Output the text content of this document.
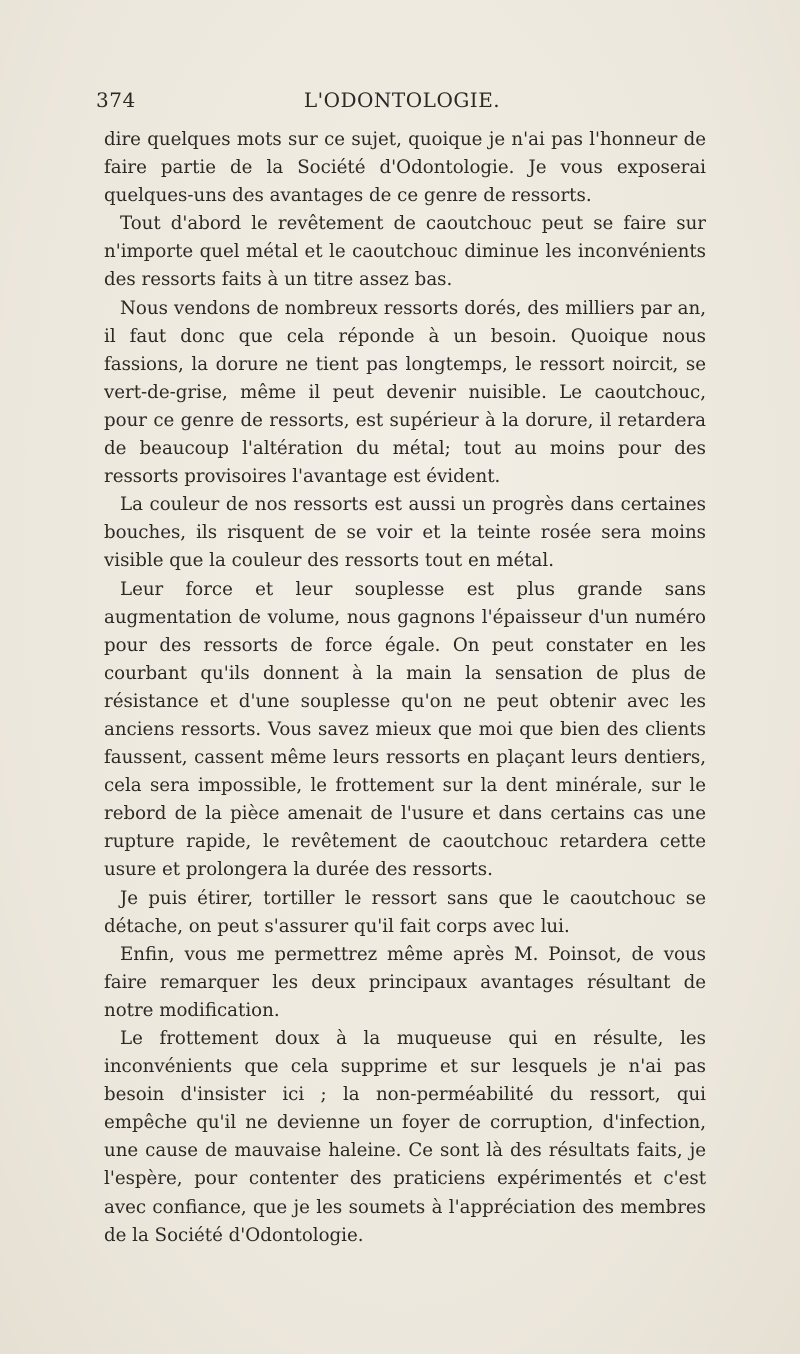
374	L'ODONTOLOGIE.

dire quelques mots sur ce sujet, quoique je n'ai pas l'honneur de faire partie de la Société d'Odontologie. Je vous exposerai quelques-uns des avantages de ce genre de ressorts.

Tout d'abord le revêtement de caoutchouc peut se faire sur n'importe quel métal et le caoutchouc diminue les inconvénients des ressorts faits à un titre assez bas.

Nous vendons de nombreux ressorts dorés, des milliers par an, il faut donc que cela réponde à un besoin. Quoique nous fassions, la dorure ne tient pas longtemps, le ressort noircit, se vert-de-grise, même il peut devenir nuisible. Le caoutchouc, pour ce genre de ressorts, est supérieur à la dorure, il retardera de beaucoup l'altération du métal; tout au moins pour des ressorts provisoires l'avantage est évident.

La couleur de nos ressorts est aussi un progrès dans certaines bouches, ils risquent de se voir et la teinte rosée sera moins visible que la couleur des ressorts tout en métal.

Leur force et leur souplesse est plus grande sans augmentation de volume, nous gagnons l'épaisseur d'un numéro pour des ressorts de force égale. On peut constater en les courbant qu'ils donnent à la main la sensation de plus de résistance et d'une souplesse qu'on ne peut obtenir avec les anciens ressorts. Vous savez mieux que moi que bien des clients faussent, cassent même leurs ressorts en plaçant leurs dentiers, cela sera impossible, le frottement sur la dent minérale, sur le rebord de la pièce amenait de l'usure et dans certains cas une rupture rapide, le revêtement de caoutchouc retardera cette usure et prolongera la durée des ressorts.

Je puis étirer, tortiller le ressort sans que le caoutchouc se détache, on peut s'assurer qu'il fait corps avec lui.

Enfin, vous me permettrez même après M. Poinsot, de vous faire remarquer les deux principaux avantages résultant de notre modification.

Le frottement doux à la muqueuse qui en résulte, les inconvénients que cela supprime et sur lesquels je n'ai pas besoin d'insister ici ; la non-perméabilité du ressort, qui empêche qu'il ne devienne un foyer de corruption, d'infection, une cause de mauvaise haleine. Ce sont là des résultats faits, je l'espère, pour contenter des praticiens expérimentés et c'est avec confiance, que je les soumets à l'appréciation des membres de la Société d'Odontologie.
